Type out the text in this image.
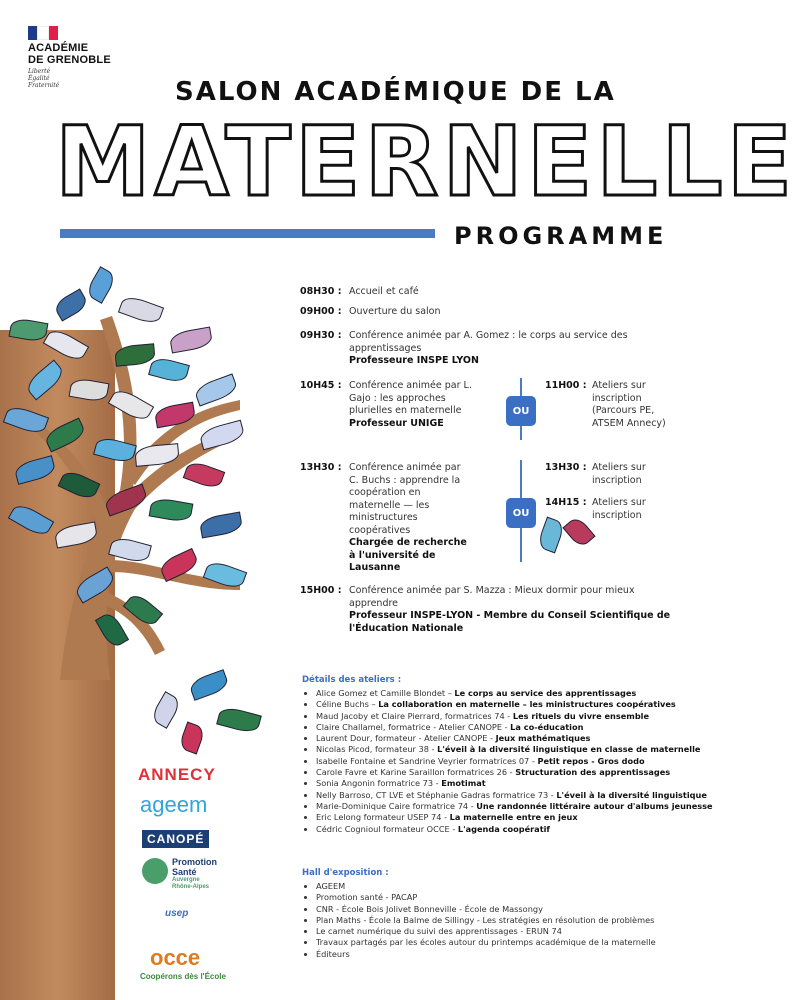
ACADÉMIE
DE GRENOBLE
Liberté
Égalité
Fraternité	SALON ACADÉMIQUE DE LA
MATERNELLE
PROGRAMME
ANNECY
ageem
CANOPÉ
Promotion
Santé
Auvergne
Rhône-Alpes
usep
occe
Coopérons dès l'École
08H30 : Accueil et café
09H00 : Ouverture du salon
09H30 : Conférence animée par A. Gomez : le corps au service des apprentissages
Professeure INSPE LYON
10H45 : Conférence animée par L. Gajo : les approches plurielles en maternelle
Professeur UNIGE
OU
11H00 : Ateliers sur inscription (Parcours PE, ATSEM Annecy)
13H30 : Conférence animée par C. Buchs : apprendre la coopération en maternelle — les ministructures coopératives
Chargée de recherche à l'université de Lausanne
OU
13H30 : Ateliers sur inscription
14H15 : Ateliers sur inscription
15H00 : Conférence animée par S. Mazza : Mieux dormir pour mieux apprendre
Professeur INSPE-LYON - Membre du Conseil Scientifique de l'Éducation Nationale
Détails des ateliers :
• Alice Gomez et Camille Blondet – Le corps au service des apprentissages
• Céline Buchs – La collaboration en maternelle – les ministructures coopératives
• Maud Jacoby et Claire Pierrard, formatrices 74 - Les rituels du vivre ensemble
• Claire Challamel, formatrice - Atelier CANOPE - La co-éducation
• Laurent Dour, formateur - Atelier CANOPE - Jeux mathématiques
• Nicolas Picod, formateur 38 - L'éveil à la diversité linguistique en classe de maternelle
• Isabelle Fontaine et Sandrine Veyrier formatrices 07 - Petit repos - Gros dodo
• Carole Favre et Karine Saraillon formatrices 26 - Structuration des apprentissages
• Sonia Angonin formatrice 73 - Emotimat
• Nelly Barroso, CT LVE et Stéphanie Gadras formatrice 73 - L'éveil à la diversité linguistique
• Marie-Dominique Caire formatrice 74 - Une randonnée littéraire autour d'albums jeunesse
• Eric Lelong formateur USEP 74 - La maternelle entre en jeux
• Cédric Cognioul formateur OCCE - L'agenda coopératif
Hall d'exposition :
• AGEEM
• Promotion santé - PACAP
• CNR - École Bois Jolivet Bonneville - École de Massongy
• Plan Maths - École la Balme de Sillingy - Les stratégies en résolution de problèmes
• Le carnet numérique du suivi des apprentissages - ERUN 74
• Travaux partagés par les écoles autour du printemps académique de la maternelle
• Éditeurs
